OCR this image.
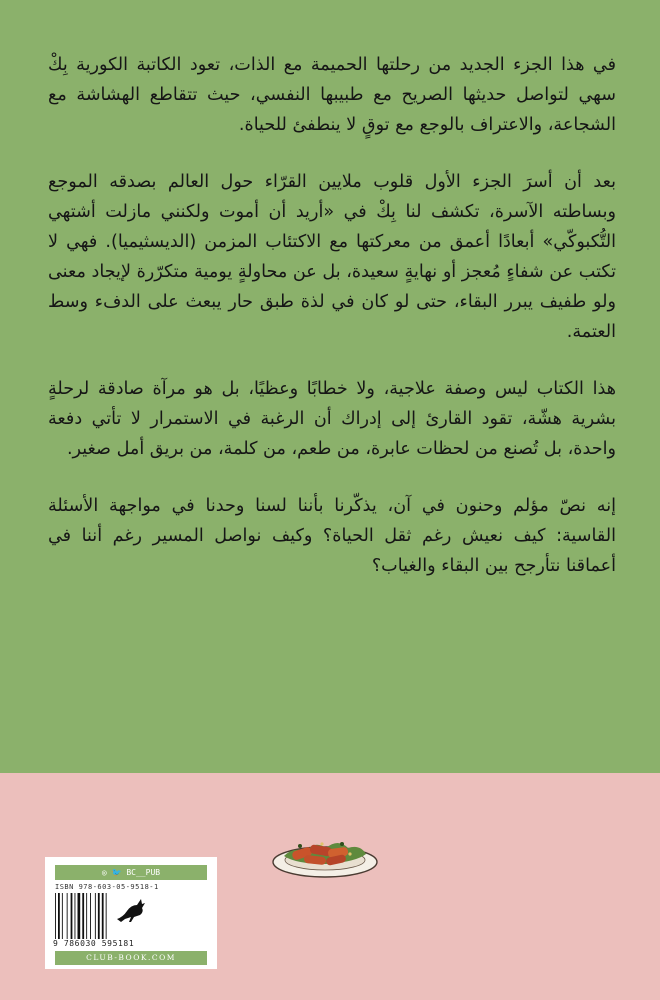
في هذا الجزء الجديد من رحلتها الحميمة مع الذات، تعود الكاتبة الكورية بِكْ سهي لتواصل حديثها الصريح مع طبيبها النفسي، حيث تتقاطع الهشاشة مع الشجاعة، والاعتراف بالوجع مع توقٍ لا ينطفئ للحياة.

بعد أن أسرَ الجزء الأول قلوب ملايين القرّاء حول العالم بصدقه الموجع وبساطته الآسرة، تكشف لنا بِكْ في «أريد أن أموت ولكنني مازلت أشتهي التُّكبوكّي» أبعادًا أعمق من معركتها مع الاكتئاب المزمن (الديسثيميا). فهي لا تكتب عن شفاءٍ مُعجز أو نهايةٍ سعيدة، بل عن محاولةٍ يومية متكرّرة لإيجاد معنى ولو طفيف يبرر البقاء، حتى لو كان في لذة طبق حار يبعث على الدفء وسط العتمة.

هذا الكتاب ليس وصفة علاجية، ولا خطابًا وعظيًا، بل هو مرآة صادقة لرحلةٍ بشرية هشّة، تقود القارئ إلى إدراك أن الرغبة في الاستمرار لا تأتي دفعة واحدة، بل تُصنع من لحظات عابرة، من طعم، من كلمة، من بريق أمل صغير.

إنه نصّ مؤلم وحنون في آن، يذكّرنا بأننا لسنا وحدنا في مواجهة الأسئلة القاسية: كيف نعيش رغم ثقل الحياة؟ وكيف نواصل المسير رغم أننا في أعماقنا نتأرجح بين البقاء والغياب؟

◎ 🐦 BC__PUB
ISBN 978-603-05-9518-1
9 786030 595181
CLUB-BOOK.COM
